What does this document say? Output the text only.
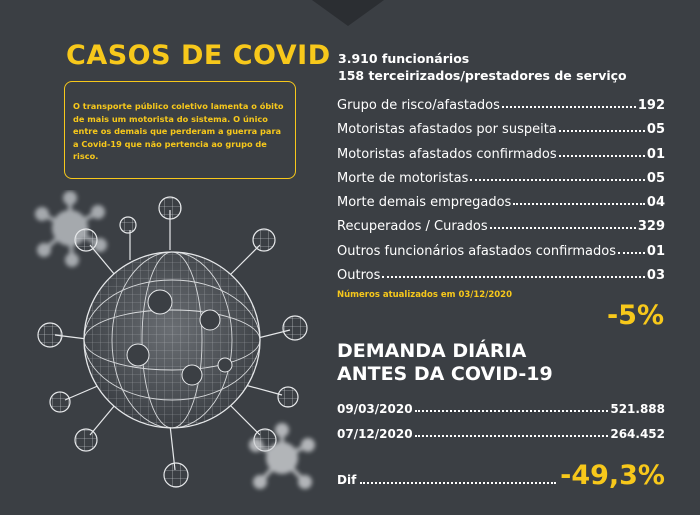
CASOS DE COVID
O transporte público coletivo lamenta o óbito de mais um motorista do sistema. O único entre os demais que perderam a guerra para a Covid-19 que não pertencia ao grupo de risco.
3.910 funcionários
158 terceirizados/prestadores de serviço
Grupo de risco/afastados	192
Motoristas afastados por suspeita	05
Motoristas afastados confirmados	01
Morte de motoristas	05
Morte demais empregados	04
Recuperados / Curados	329
Outros funcionários afastados confirmados 01
Outros	03
Números atualizados em 03/12/2020
-5%
DEMANDA DIÁRIA
ANTES DA COVID-19
09/03/2020	521.888
07/12/2020	264.452
Dif	-49,3%
